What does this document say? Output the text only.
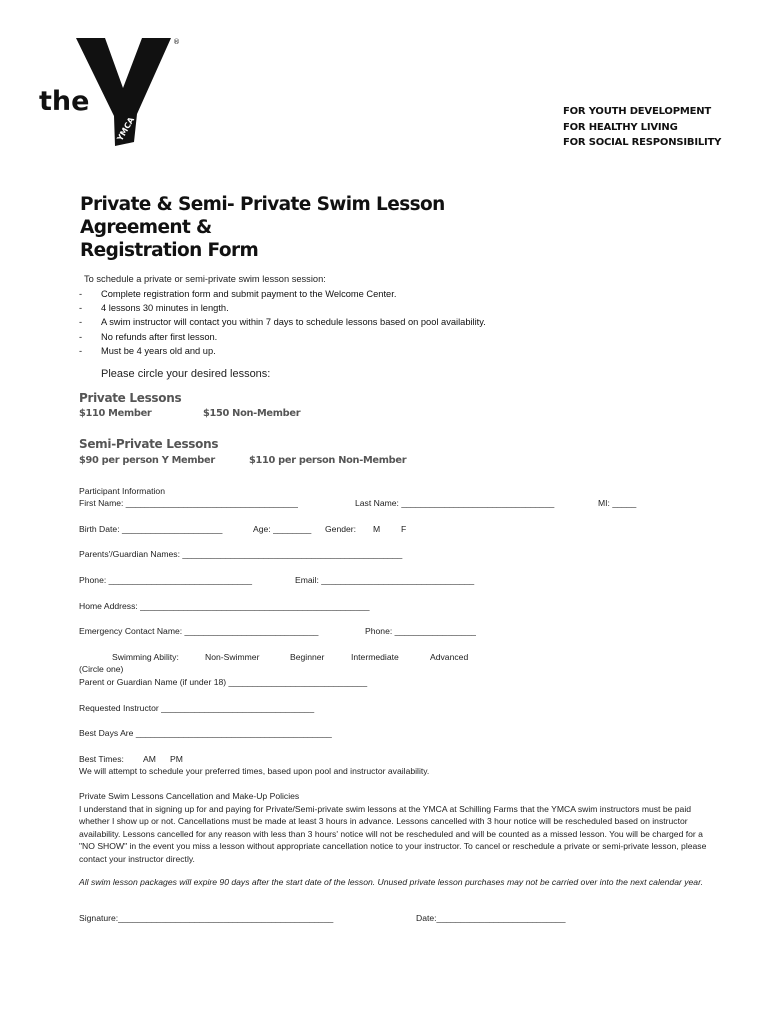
the
YMCA
®
FOR YOUTH DEVELOPMENT
FOR HEALTHY LIVING
FOR SOCIAL RESPONSIBILITY
Private & Semi- Private Swim Lesson
Agreement &
Registration Form
To schedule a private or semi-private swim lesson session:
- Complete registration form and submit payment to the Welcome Center.
- 4 lessons 30 minutes in length.
- A swim instructor will contact you within 7 days to schedule lessons based on pool availability.
- No refunds after first lesson.
- Must be 4 years old and up.
Please circle your desired lessons:
Private Lessons
$110 Member	$150 Non-Member
Semi-Private Lessons
$90 per person Y Member	$110 per person Non-Member
Participant Information
First Name: ____________________________________	Last Name: ________________________________	MI: _____
Birth Date: _____________________	Age: ________ Gender: M F
Parents'/Guardian Names: ______________________________________________
Phone: ______________________________	Email: ________________________________
Home Address: ________________________________________________
Emergency Contact Name: ____________________________	Phone: _________________
Swimming Ability:	Non-Swimmer	Beginner	Intermediate	Advanced
(Circle one)
Parent or Guardian Name (if under 18) _____________________________
Requested Instructor ________________________________
Best Days Are _________________________________________
Best Times: AM PM
We will attempt to schedule your preferred times, based upon pool and instructor availability.
Private Swim Lessons Cancellation and Make-Up Policies
I understand that in signing up for and paying for Private/Semi-private swim lessons at the YMCA at Schilling Farms that the YMCA swim instructors must be paid whether I show up or not. Cancellations must be made at least 3 hours in advance. Lessons cancelled with 3 hour notice will be rescheduled based on instructor availability. Lessons cancelled for any reason with less than 3 hours' notice will not be rescheduled and will be counted as a missed lesson. You will be charged for a "NO SHOW" in the event you miss a lesson without appropriate cancellation notice to your instructor. To cancel or reschedule a private or semi-private lesson, please contact your instructor directly.
All swim lesson packages will expire 90 days after the start date of the lesson. Unused private lesson purchases may not be carried over into the next calendar year.
Signature:_____________________________________________	Date:___________________________
